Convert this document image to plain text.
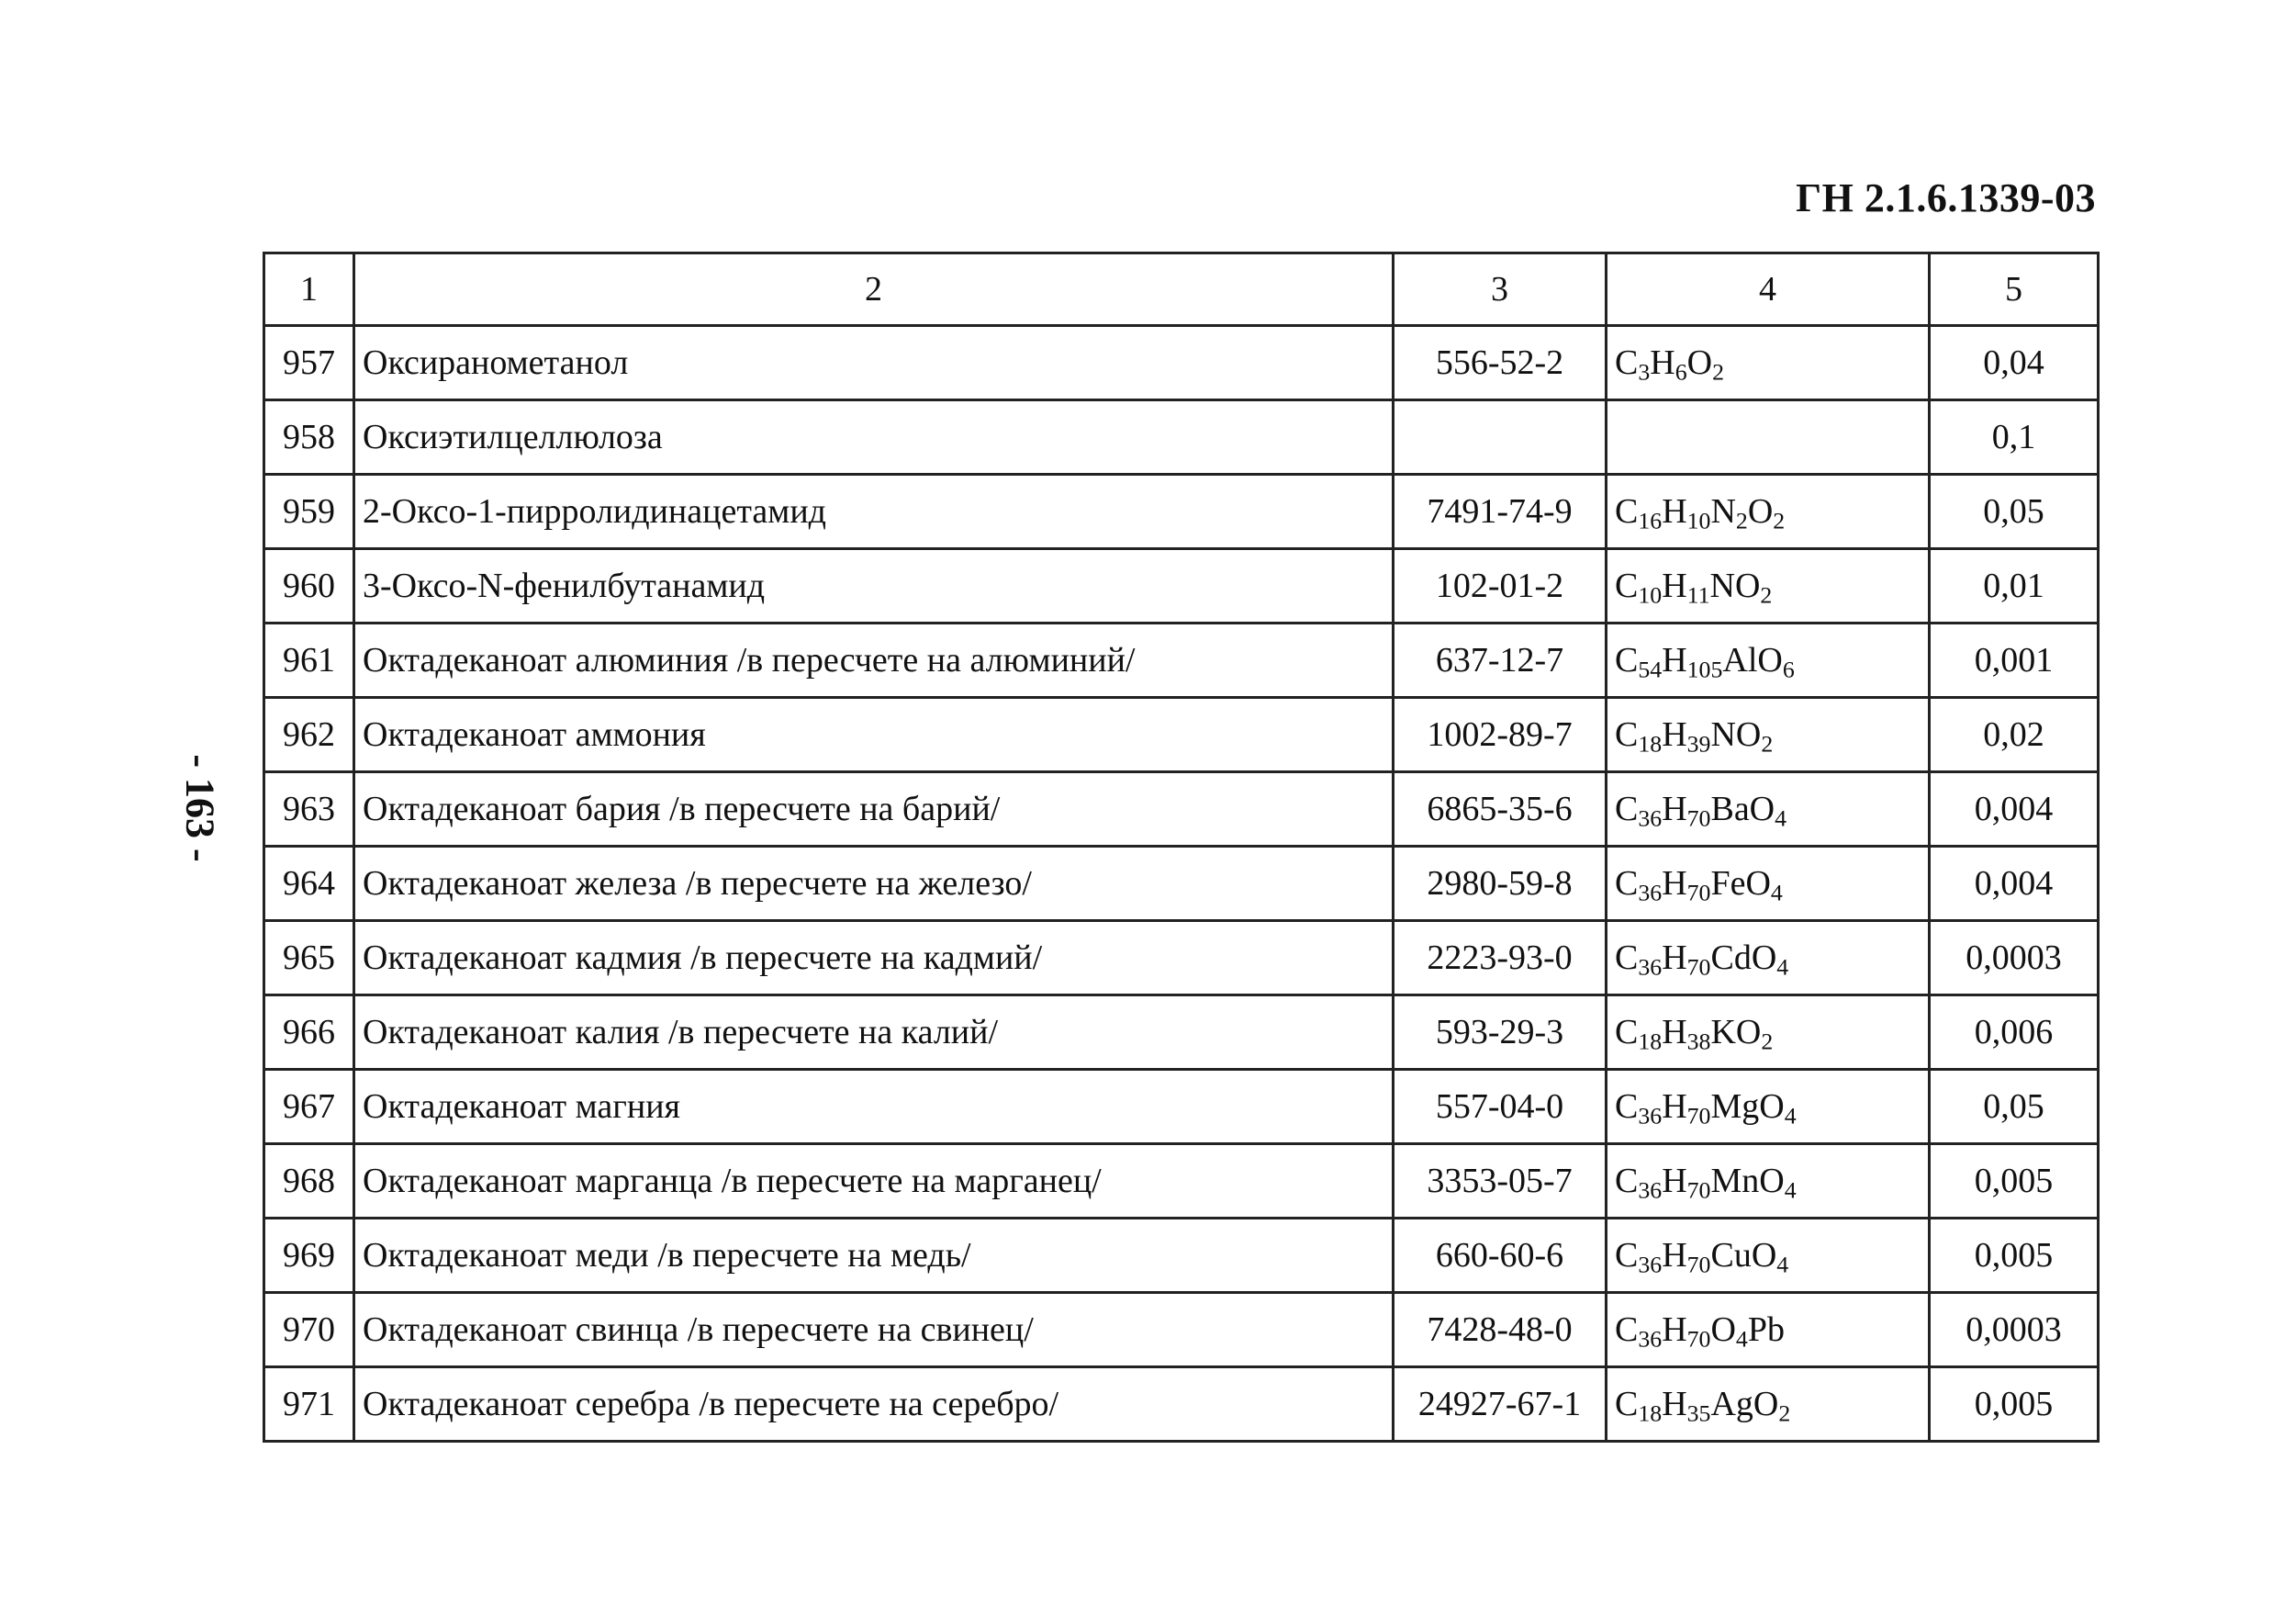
ГН 2.1.6.1339-03
- 163 -
1	2	3	4	5
957	Оксиранометанол	556-52-2	$C_3H_6O_2$	0,04
958	Оксиэтилцеллюлоза			0,1
959	2-Оксо-1-пирролидинацетамид	7491-74-9	$C_{16}H_{10}N_2O_2$	0,05
960	3-Оксо-N-фенилбутанамид	102-01-2	$C_{10}H_{11}NO_2$	0,01
961	Октадеканоат алюминия /в пересчете на алюминий/	637-12-7	$C_{54}H_{105}AlO_6$	0,001
962	Октадеканоат аммония	1002-89-7	$C_{18}H_{39}NO_2$	0,02
963	Октадеканоат бария /в пересчете на барий/	6865-35-6	$C_{36}H_{70}BaO_4$	0,004
964	Октадеканоат железа /в пересчете на железо/	2980-59-8	$C_{36}H_{70}FeO_4$	0,004
965	Октадеканоат кадмия /в пересчете на кадмий/	2223-93-0	$C_{36}H_{70}CdO_4$	0,0003
966	Октадеканоат калия /в пересчете на калий/	593-29-3	$C_{18}H_{38}KO_2$	0,006
967	Октадеканоат магния	557-04-0	$C_{36}H_{70}MgO_4$	0,05
968	Октадеканоат марганца /в пересчете на марганец/	3353-05-7	$C_{36}H_{70}MnO_4$	0,005
969	Октадеканоат меди /в пересчете на медь/	660-60-6	$C_{36}H_{70}CuO_4$	0,005
970	Октадеканоат свинца /в пересчете на свинец/	7428-48-0	$C_{36}H_{70}O_4Pb$	0,0003
971	Октадеканоат серебра /в пересчете на серебро/	24927-67-1	$C_{18}H_{35}AgO_2$	0,005
